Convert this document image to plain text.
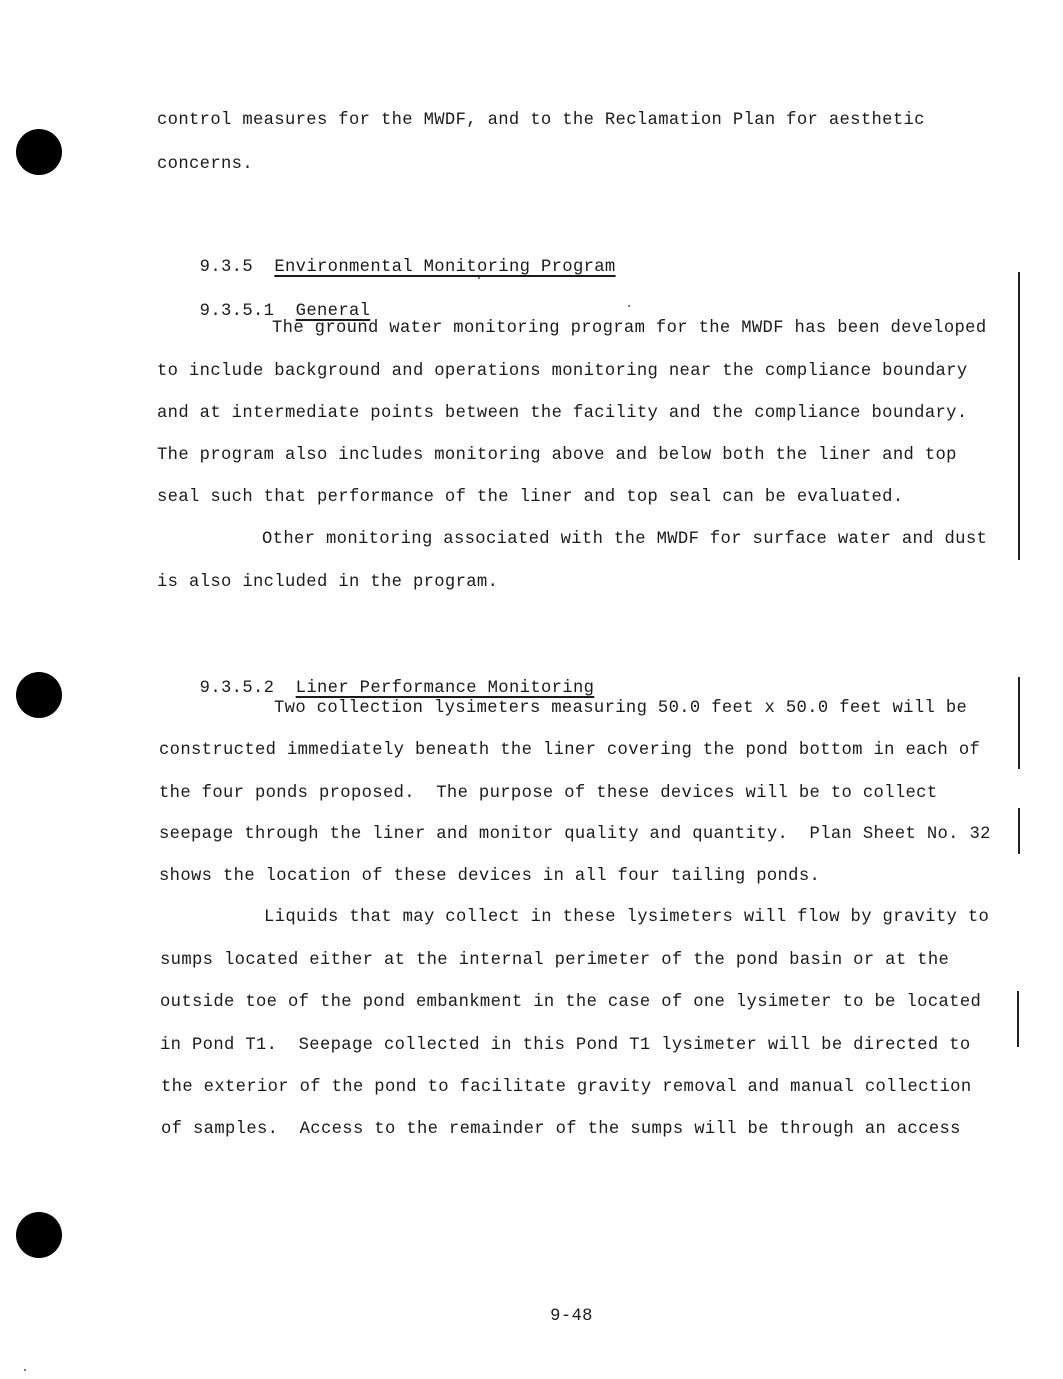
control measures for the MWDF, and to the Reclamation Plan for aesthetic
concerns.

9.3.5 Environmental Monitoring Program

9.3.5.1 General

The ground water monitoring program for the MWDF has been developed
to include background and operations monitoring near the compliance boundary
and at intermediate points between the facility and the compliance boundary.
The program also includes monitoring above and below both the liner and top
seal such that performance of the liner and top seal can be evaluated.
Other monitoring associated with the MWDF for surface water and dust
is also included in the program.

9.3.5.2 Liner Performance Monitoring

Two collection lysimeters measuring 50.0 feet x 50.0 feet will be
constructed immediately beneath the liner covering the pond bottom in each of
the four ponds proposed.  The purpose of these devices will be to collect
seepage through the liner and monitor quality and quantity.  Plan Sheet No. 32
shows the location of these devices in all four tailing ponds.
Liquids that may collect in these lysimeters will flow by gravity to
sumps located either at the internal perimeter of the pond basin or at the
outside toe of the pond embankment in the case of one lysimeter to be located
in Pond T1.  Seepage collected in this Pond T1 lysimeter will be directed to
the exterior of the pond to facilitate gravity removal and manual collection
of samples.  Access to the remainder of the sumps will be through an access
9-48
